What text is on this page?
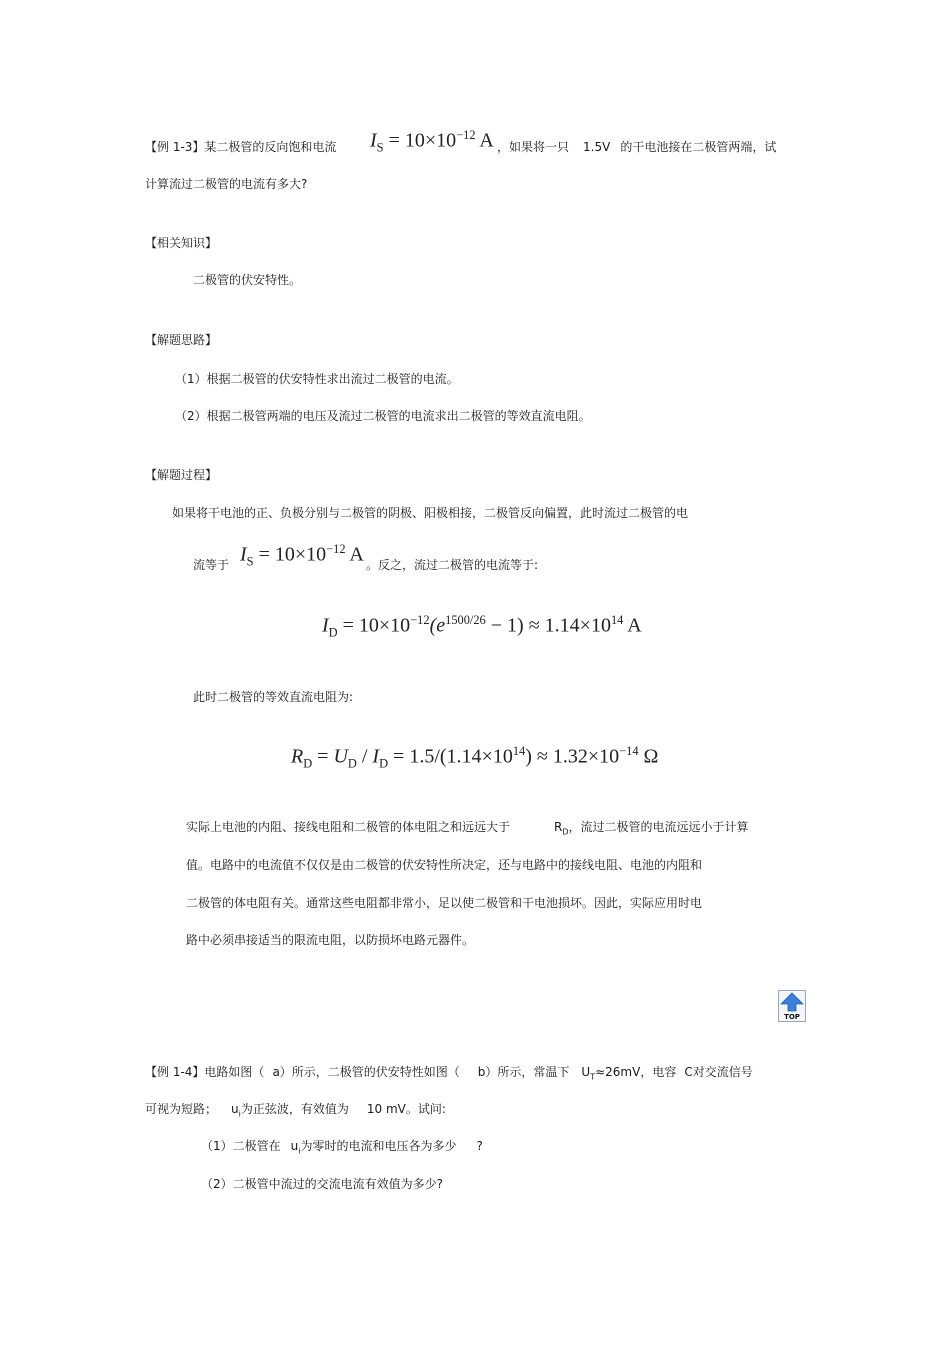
【例 1-3】某二极管的反向饱和电流 $I_S = 10\times 10^{-12}$ A ，如果将一只 1.5V 的干电池接在二极管两端，试
计算流过二极管的电流有多大?
【相关知识】
二极管的伏安特性。
【解题思路】
（1）根据二极管的伏安特性求出流过二极管的电流。
（2）根据二极管两端的电压及流过二极管的电流求出二极管的等效直流电阻。
【解题过程】
如果将干电池的正、负极分别与二极管的阴极、阳极相接，二极管反向偏置，此时流过二极管的电
流等于 $I_S = 10\times 10^{-12}$ A 。反之，流过二极管的电流等于:
$I_D = 10\times 10^{-12}(e^{1500/26} - 1) \approx 1.14\times 10^{14}$ A
此时二极管的等效直流电阻为:
$R_D = U_D / I_D = 1.5/(1.14\times 10^{14}) \approx 1.32\times 10^{-14}$ Ω
实际上电池的内阻、接线电阻和二极管的体电阻之和远远大于	$R_D$，流过二极管的电流远远小于计算
值。电路中的电流值不仅仅是由二极管的伏安特性所决定，还与电路中的接线电阻、电池的内阻和
二极管的体电阻有关。通常这些电阻都非常小，足以使二极管和干电池损坏。因此，实际应用时电
路中必须串接适当的限流电阻，以防损坏电路元器件。
TOP
【例 1-4】电路如图（ a）所示，二极管的伏安特性如图（ b）所示，常温下 $U_T\approx 26mV$，电容 C对交流信号
可视为短路； $u_i$为正弦波，有效值为 10 mV。试问:
（1）二极管在 $u_i$为零时的电流和电压各为多少 ?
（2）二极管中流过的交流电流有效值为多少?
